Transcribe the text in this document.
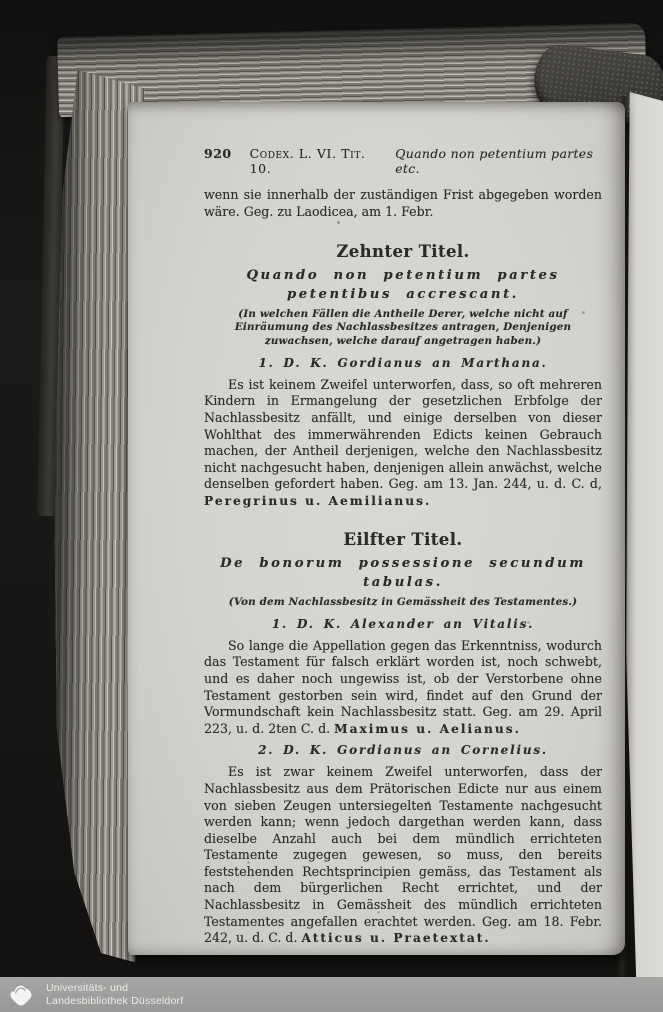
920 Codex. L. VI. Tit. 10.
Quando non petentium partes etc.

wenn sie innerhalb der zuständigen Frist abgegeben worden wäre. Geg. zu Laodicea, am 1. Febr.

Zehnter Titel.
Quando non petentium partes petentibus accrescant.
(In welchen Fällen die Antheile Derer, welche nicht auf Einräumung des Nachlassbesitzes antragen, Denjenigen zuwachsen, welche darauf angetragen haben.)
1. D. K. Gordianus an Marthana.

Es ist keinem Zweifel unterworfen, dass, so oft mehreren Kindern in Ermangelung der gesetzlichen Erbfolge der Nachlassbesitz anfällt, und einige derselben von dieser Wohlthat des immerwährenden Edicts keinen Gebrauch machen, der Antheil derjenigen, welche den Nachlassbesitz nicht nachgesucht haben, denjenigen allein anwächst, welche denselben gefordert haben. Geg. am 13. Jan. 244, u. d. C. d, Peregrinus u. Aemilianus.

Eilfter Titel.
De bonorum possessione secundum tabulas.
(Von dem Nachlassbesitz in Gemässheit des Testamentes.)
1. D. K. Alexander an Vitalis.

So lange die Appellation gegen das Erkenntniss, wodurch das Testament für falsch erklärt worden ist, noch schwebt, und es daher noch ungewiss ist, ob der Verstorbene ohne Testament gestorben sein wird, findet auf den Grund der Vormundschaft kein Nachlassbesitz statt. Geg. am 29. April 223, u. d. 2ten C. d. Maximus u. Aelianus.

2. D. K. Gordianus an Cornelius.

Es ist zwar keinem Zweifel unterworfen, dass der Nachlassbesitz aus dem Prätorischen Edicte nur aus einem von sieben Zeugen untersiegelten Testamente nachgesucht werden kann; wenn jedoch dargethan werden kann, dass dieselbe Anzahl auch bei dem mündlich errichteten Testamente zugegen gewesen, so muss, den bereits feststehenden Rechtsprincipien gemäss, das Testament als nach dem bürgerlichen Recht errichtet, und der Nachlassbesitz in Gemässheit des mündlich errichteten Testamentes angefallen erachtet werden. Geg. am 18. Febr. 242, u. d. C. d. Atticus u. Praetextat.

Universitäts- und
Landesbibliothek Düsseldorf
